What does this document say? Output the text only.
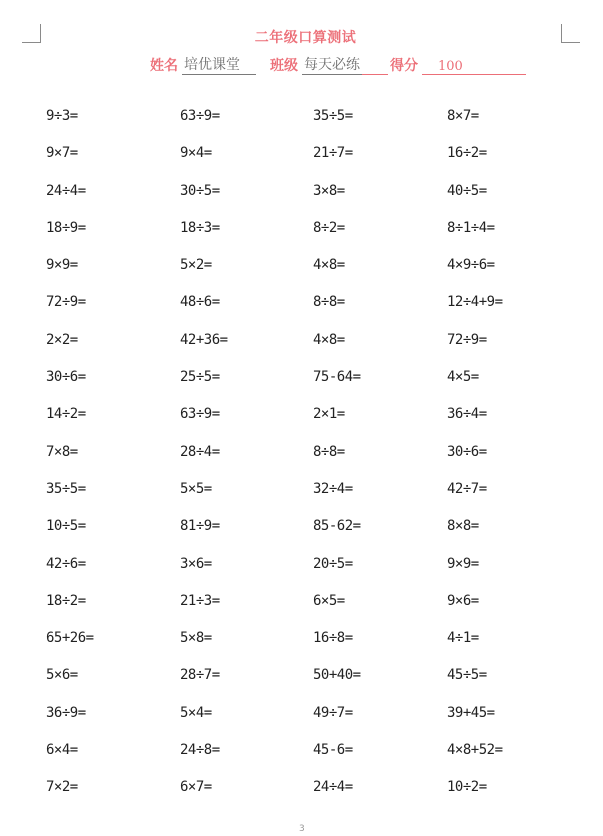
二年级口算测试
姓名 培优课堂 班级 每天必练 得分	100
9÷3=	63÷9=	35÷5=	8×7=
9×7=	9×4=	21÷7=	16÷2=
24÷4=	30÷5=	3×8=	40÷5=
18÷9=	18÷3=	8÷2=	8÷1÷4=
9×9=	5×2=	4×8=	4×9÷6=
72÷9=	48÷6=	8÷8=	12÷4+9=
2×2=	42+36=	4×8=	72÷9=
30÷6=	25÷5=	75-64=	4×5=
14÷2=	63÷9=	2×1=	36÷4=
7×8=	28÷4=	8÷8=	30÷6=
35÷5=	5×5=	32÷4=	42÷7=
10÷5=	81÷9=	85-62=	8×8=
42÷6=	3×6=	20÷5=	9×9=
18÷2=	21÷3=	6×5=	9×6=
65+26=	5×8=	16÷8=	4÷1=
5×6=	28÷7=	50+40=	45÷5=
36÷9=	5×4=	49÷7=	39+45=
6×4=	24÷8=	45-6=	4×8+52=
7×2=	6×7=	24÷4=	10÷2=
3
